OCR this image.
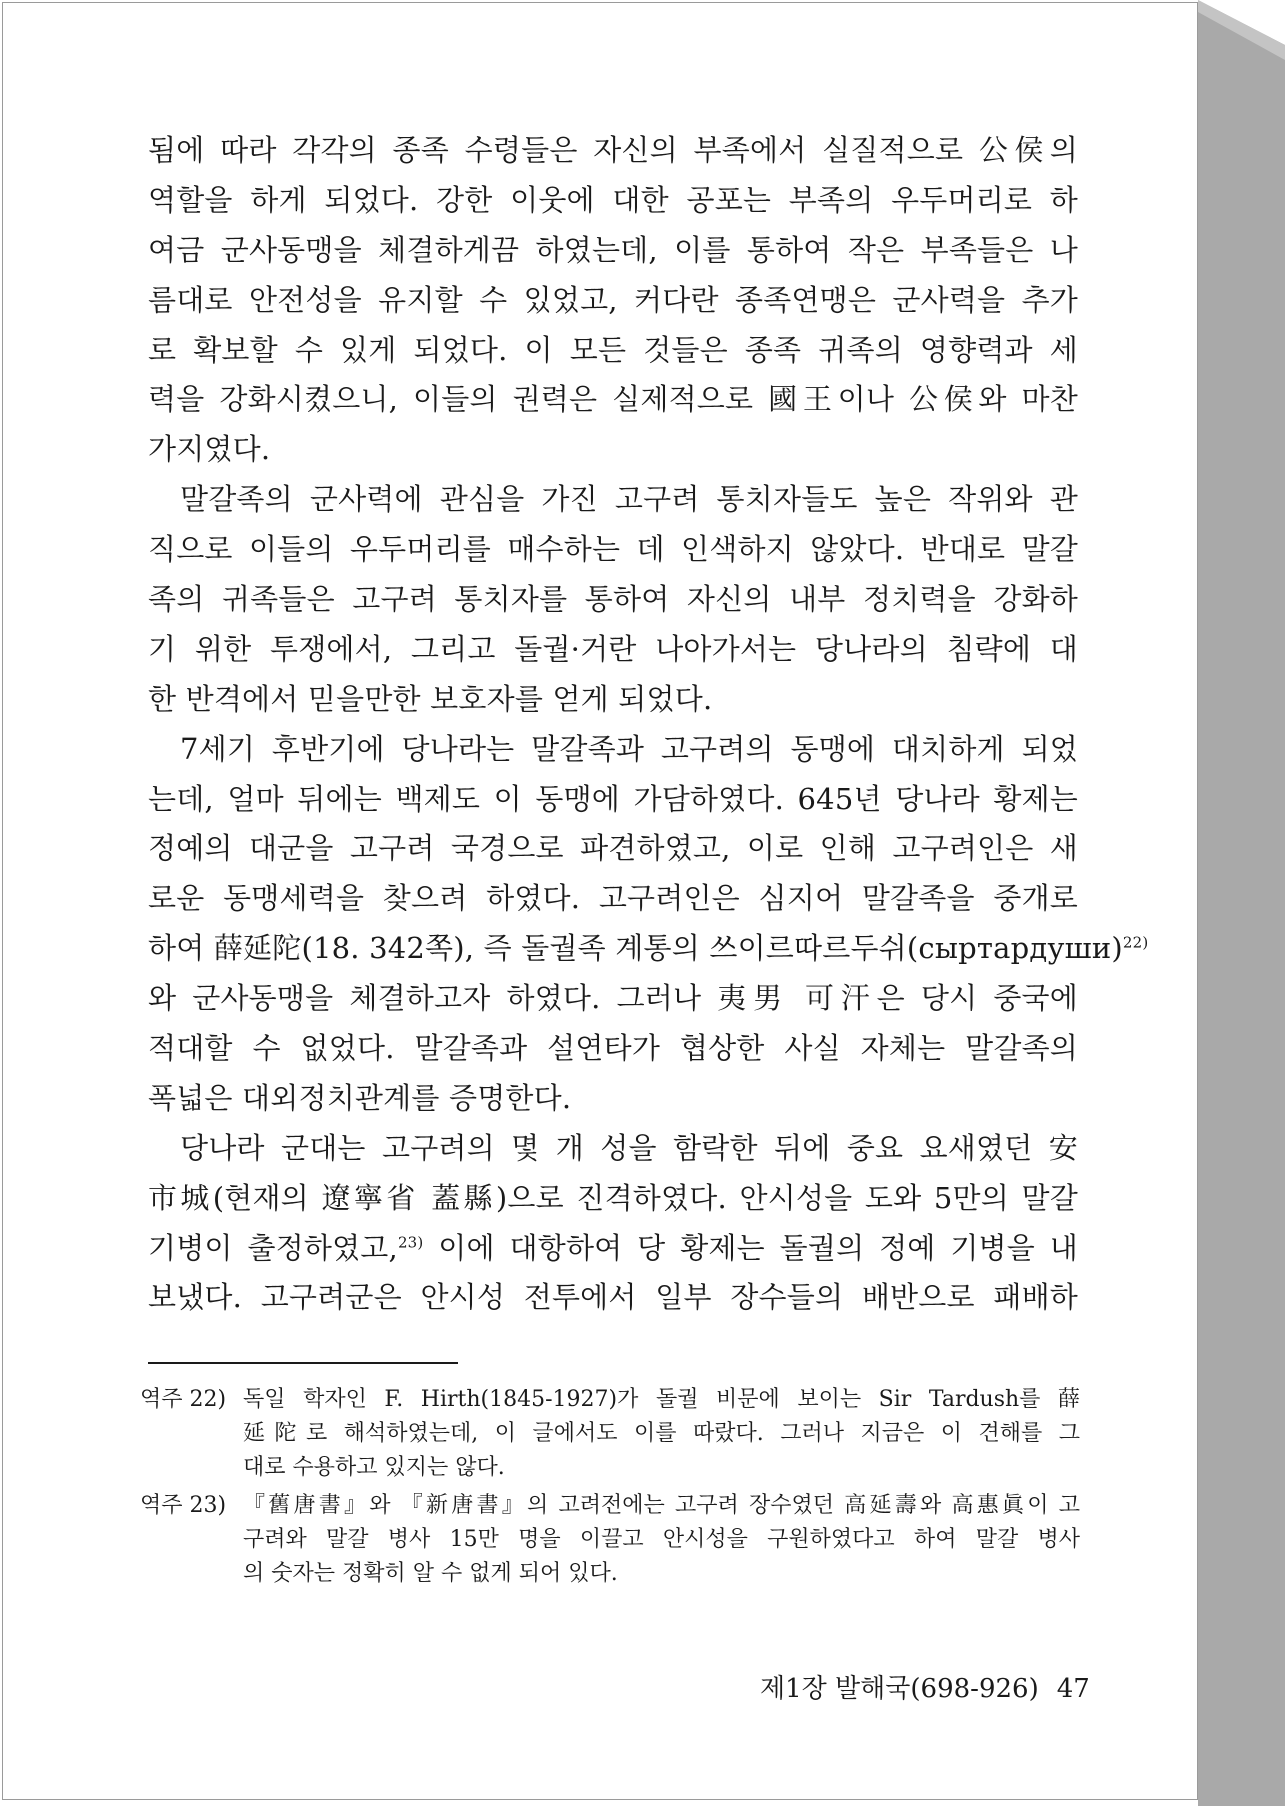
됨에 따라 각각의 종족 수령들은 자신의 부족에서 실질적으로 公侯의
역할을 하게 되었다. 강한 이웃에 대한 공포는 부족의 우두머리로 하
여금 군사동맹을 체결하게끔 하였는데, 이를 통하여 작은 부족들은 나
름대로 안전성을 유지할 수 있었고, 커다란 종족연맹은 군사력을 추가
로 확보할 수 있게 되었다. 이 모든 것들은 종족 귀족의 영향력과 세
력을 강화시켰으니, 이들의 권력은 실제적으로 國王이나 公侯와 마찬
가지였다.
말갈족의 군사력에 관심을 가진 고구려 통치자들도 높은 작위와 관
직으로 이들의 우두머리를 매수하는 데 인색하지 않았다. 반대로 말갈
족의 귀족들은 고구려 통치자를 통하여 자신의 내부 정치력을 강화하
기 위한 투쟁에서, 그리고 돌궐·거란 나아가서는 당나라의 침략에 대
한 반격에서 믿을만한 보호자를 얻게 되었다.
7세기 후반기에 당나라는 말갈족과 고구려의 동맹에 대치하게 되었
는데, 얼마 뒤에는 백제도 이 동맹에 가담하였다. 645년 당나라 황제는
정예의 대군을 고구려 국경으로 파견하였고, 이로 인해 고구려인은 새
로운 동맹세력을 찾으려 하였다. 고구려인은 심지어 말갈족을 중개로
하여 薛延陀(18. 342쪽), 즉 돌궐족 계통의 쓰이르따르두쉬(сыртардуши)$^{22)}$
와 군사동맹을 체결하고자 하였다. 그러나 夷男 可汗은 당시 중국에
적대할 수 없었다. 말갈족과 설연타가 협상한 사실 자체는 말갈족의
폭넓은 대외정치관계를 증명한다.
당나라 군대는 고구려의 몇 개 성을 함락한 뒤에 중요 요새였던 安
市城(현재의 遼寧省 蓋縣)으로 진격하였다. 안시성을 도와 5만의 말갈
기병이 출정하였고,$^{23)}$ 이에 대항하여 당 황제는 돌궐의 정예 기병을 내
보냈다. 고구려군은 안시성 전투에서 일부 장수들의 배반으로 패배하
역주 22) 독일 학자인 F. Hirth(1845-1927)가 돌궐 비문에 보이는 Sir Tardush를 薛
延陀로 해석하였는데, 이 글에서도 이를 따랐다. 그러나 지금은 이 견해를 그
대로 수용하고 있지는 않다.
역주 23) 『舊唐書』와 『新唐書』의 고려전에는 고구려 장수였던 高延壽와 高惠眞이 고
구려와 말갈 병사 15만 명을 이끌고 안시성을 구원하였다고 하여 말갈 병사
의 숫자는 정확히 알 수 없게 되어 있다.
제1장 발해국(698-926) 47
